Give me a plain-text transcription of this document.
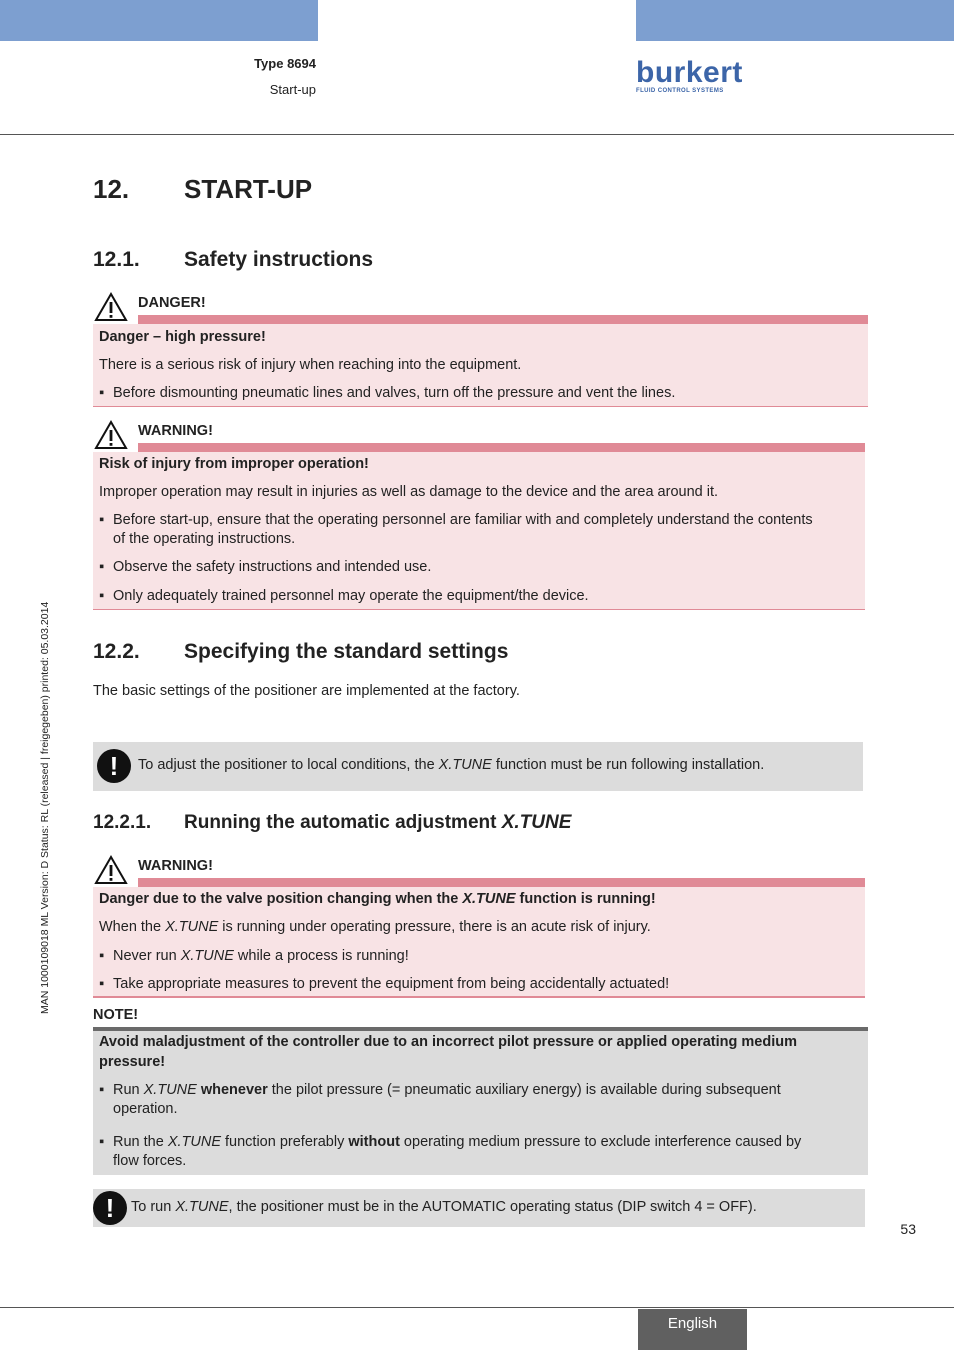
Type 8694
Start-up
burkert
FLUID CONTROL SYSTEMS
MAN 1000109018 ML Version: D Status: RL (released | freigegeben) printed: 05.03.2014
12. START-UP
12.1. Safety instructions
DANGER!
Danger – high pressure!
There is a serious risk of injury when reaching into the equipment.
▪ Before dismounting pneumatic lines and valves, turn off the pressure and vent the lines.
WARNING!
Risk of injury from improper operation!
Improper operation may result in injuries as well as damage to the device and the area around it.
▪ Before start-up, ensure that the operating personnel are familiar with and completely understand the contents
of the operating instructions.
▪ Observe the safety instructions and intended use.
▪ Only adequately trained personnel may operate the equipment/the device.
12.2. Specifying the standard settings
The basic settings of the positioner are implemented at the factory.
!	To adjust the positioner to local conditions, the X.TUNE function must be run following installation.
12.2.1. Running the automatic adjustment X.TUNE
WARNING!
Danger due to the valve position changing when the X.TUNE function is running!
When the X.TUNE is running under operating pressure, there is an acute risk of injury.
▪ Never run X.TUNE while a process is running!
▪ Take appropriate measures to prevent the equipment from being accidentally actuated!
NOTE!
Avoid maladjustment of the controller due to an incorrect pilot pressure or applied operating medium
pressure!
▪ Run X.TUNE whenever the pilot pressure (= pneumatic auxiliary energy) is available during subsequent
operation.
▪ Run the X.TUNE function preferably without operating medium pressure to exclude interference caused by
flow forces.
!	To run X.TUNE, the positioner must be in the AUTOMATIC operating status (DIP switch 4 = OFF).
53
English
